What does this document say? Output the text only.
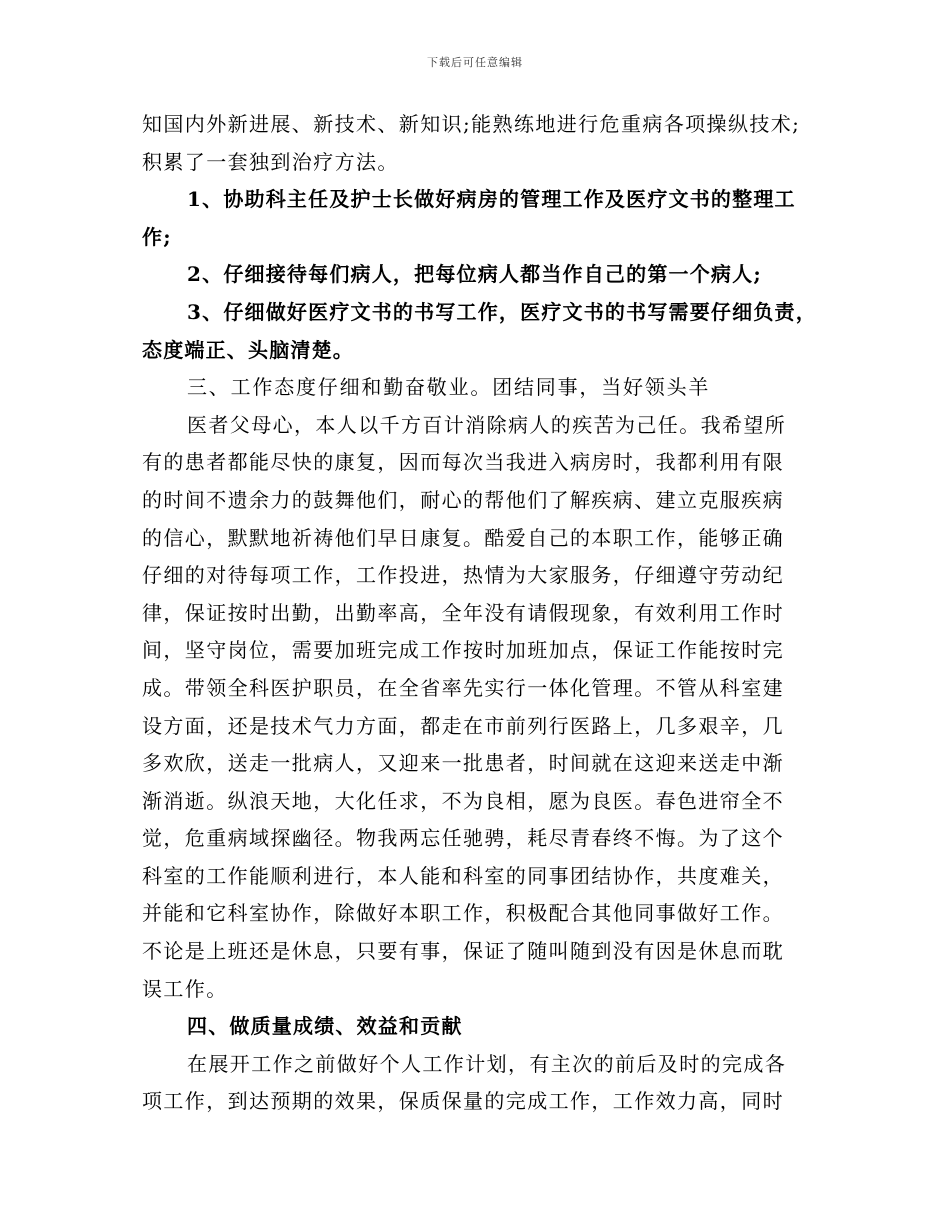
下载后可任意编辑
知国内外新进展、新技术、新知识;能熟练地进行危重病各项操纵技术;
积累了一套独到治疗方法。
1、协助科主任及护士长做好病房的管理工作及医疗文书的整理工
作;
2、仔细接待每们病人，把每位病人都当作自己的第一个病人;
3、仔细做好医疗文书的书写工作，医疗文书的书写需要仔细负责，
态度端正、头脑清楚。
三、工作态度仔细和勤奋敬业。团结同事，当好领头羊
医者父母心，本人以千方百计消除病人的疾苦为己任。我希望所
有的患者都能尽快的康复，因而每次当我进入病房时，我都利用有限
的时间不遗余力的鼓舞他们，耐心的帮他们了解疾病、建立克服疾病
的信心，默默地祈祷他们早日康复。酷爱自己的本职工作，能够正确
仔细的对待每项工作，工作投进，热情为大家服务，仔细遵守劳动纪
律，保证按时出勤，出勤率高，全年没有请假现象，有效利用工作时
间，坚守岗位，需要加班完成工作按时加班加点，保证工作能按时完
成。带领全科医护职员，在全省率先实行一体化管理。不管从科室建
设方面，还是技术气力方面，都走在市前列行医路上，几多艰辛，几
多欢欣，送走一批病人，又迎来一批患者，时间就在这迎来送走中渐
渐消逝。纵浪天地，大化任求，不为良相，愿为良医。春色进帘全不
觉，危重病域探幽径。物我两忘任驰骋，耗尽青春终不悔。为了这个
科室的工作能顺利进行，本人能和科室的同事团结协作，共度难关，
并能和它科室协作，除做好本职工作，积极配合其他同事做好工作。
不论是上班还是休息，只要有事，保证了随叫随到没有因是休息而耽
误工作。
四、做质量成绩、效益和贡献
在展开工作之前做好个人工作计划，有主次的前后及时的完成各
项工作，到达预期的效果，保质保量的完成工作，工作效力高，同时
